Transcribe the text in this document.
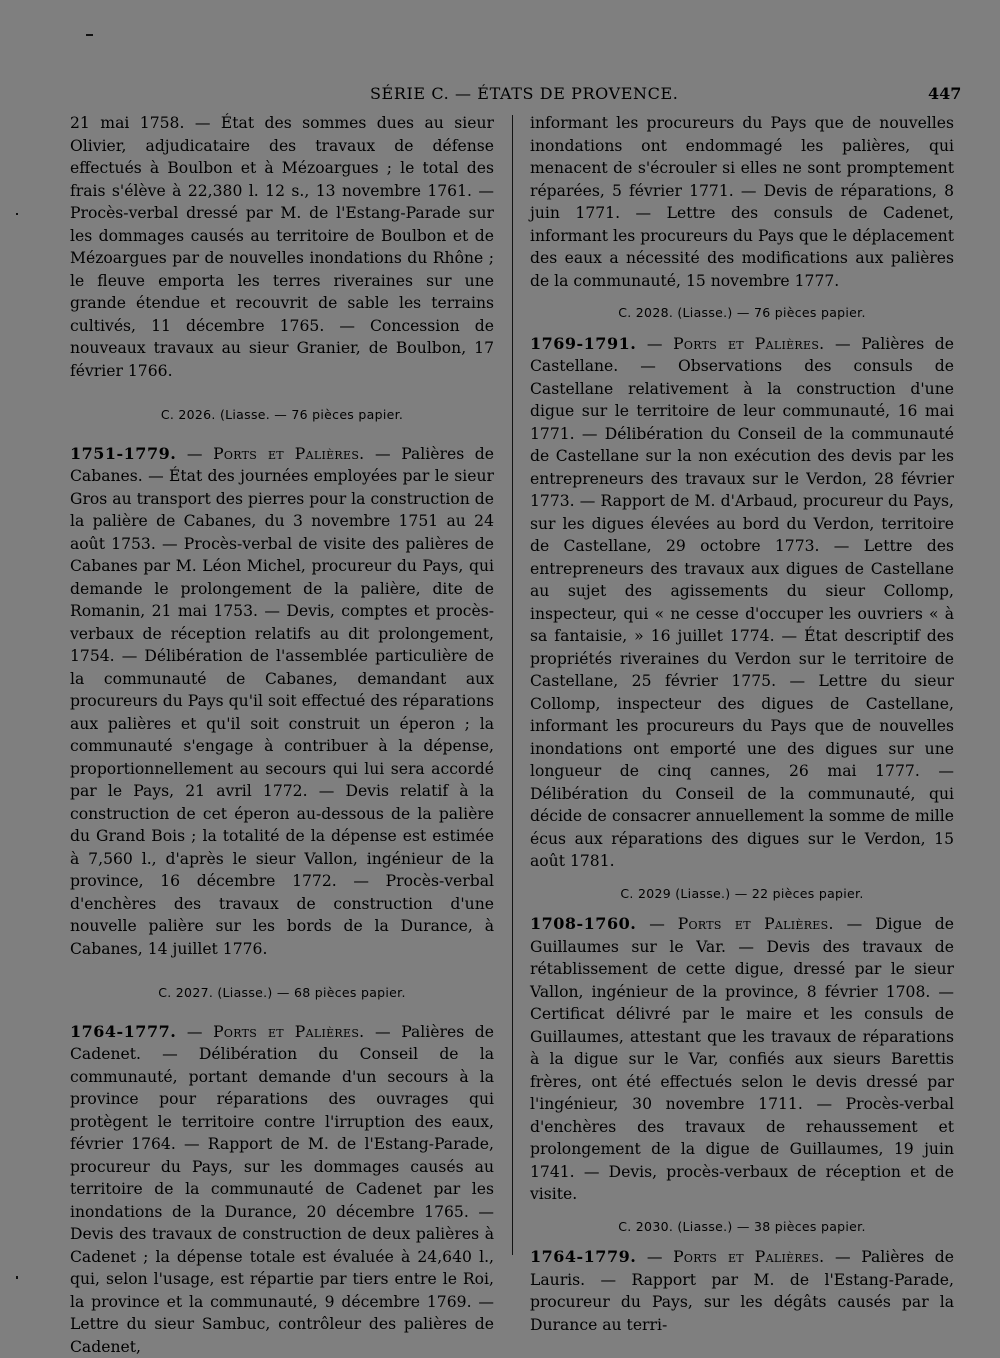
SÉRIE C. — ÉTATS DE PROVENCE.	447

21 mai 1758. — État des sommes dues au sieur Olivier, adjudicataire des travaux de défense effectués à Boulbon et à Mézoargues ; le total des frais s'élève à 22,380 l. 12 s., 13 novembre 1761. — Procès-verbal dressé par M. de l'Estang-Parade sur les dommages causés au territoire de Boulbon et de Mézoargues par de nouvelles inondations du Rhône ; le fleuve emporta les terres riveraines sur une grande étendue et recouvrit de sable les terrains cultivés, 11 décembre 1765. — Concession de nouveaux travaux au sieur Granier, de Boulbon, 17 février 1766.

C. 2026. (Liasse. — 76 pièces papier.

1751-1779. — Ports et Palières. — Palières de Cabanes. — État des journées employées par le sieur Gros au transport des pierres pour la construction de la palière de Cabanes, du 3 novembre 1751 au 24 août 1753. — Procès-verbal de visite des palières de Cabanes par M. Léon Michel, procureur du Pays, qui demande le prolongement de la palière, dite de Romanin, 21 mai 1753. — Devis, comptes et procès-verbaux de réception relatifs au dit prolongement, 1754. — Délibération de l'assemblée particulière de la communauté de Cabanes, demandant aux procureurs du Pays qu'il soit effectué des réparations aux palières et qu'il soit construit un éperon ; la communauté s'engage à contribuer à la dépense, proportionnellement au secours qui lui sera accordé par le Pays, 21 avril 1772. — Devis relatif à la construction de cet éperon au-dessous de la palière du Grand Bois ; la totalité de la dépense est estimée à 7,560 l., d'après le sieur Vallon, ingénieur de la province, 16 décembre 1772. — Procès-verbal d'enchères des travaux de construction d'une nouvelle palière sur les bords de la Durance, à Cabanes, 14 juillet 1776.

C. 2027. (Liasse.) — 68 pièces papier.

1764-1777. — Ports et Palières. — Palières de Cadenet. — Délibération du Conseil de la communauté, portant demande d'un secours à la province pour réparations des ouvrages qui protègent le territoire contre l'irruption des eaux, février 1764. — Rapport de M. de l'Estang-Parade, procureur du Pays, sur les dommages causés au territoire de la communauté de Cadenet par les inondations de la Durance, 20 décembre 1765. — Devis des travaux de construction de deux palières à Cadenet ; la dépense totale est évaluée à 24,640 l., qui, selon l'usage, est répartie par tiers entre le Roi, la province et la communauté, 9 décembre 1769. — Lettre du sieur Sambuc, contrôleur des palières de Cadenet,

informant les procureurs du Pays que de nouvelles inondations ont endommagé les palières, qui menacent de s'écrouler si elles ne sont promptement réparées, 5 février 1771. — Devis de réparations, 8 juin 1771. — Lettre des consuls de Cadenet, informant les procureurs du Pays que le déplacement des eaux a nécessité des modifications aux palières de la communauté, 15 novembre 1777.

C. 2028. (Liasse.) — 76 pièces papier.

1769-1791. — Ports et Palières. — Palières de Castellane. — Observations des consuls de Castellane relativement à la construction d'une digue sur le territoire de leur communauté, 16 mai 1771. — Délibération du Conseil de la communauté de Castellane sur la non exécution des devis par les entrepreneurs des travaux sur le Verdon, 28 février 1773. — Rapport de M. d'Arbaud, procureur du Pays, sur les digues élevées au bord du Verdon, territoire de Castellane, 29 octobre 1773. — Lettre des entrepreneurs des travaux aux digues de Castellane au sujet des agissements du sieur Collomp, inspecteur, qui « ne cesse d'occuper les ouvriers « à sa fantaisie, » 16 juillet 1774. — État descriptif des propriétés riveraines du Verdon sur le territoire de Castellane, 25 février 1775. — Lettre du sieur Collomp, inspecteur des digues de Castellane, informant les procureurs du Pays que de nouvelles inondations ont emporté une des digues sur une longueur de cinq cannes, 26 mai 1777. — Délibération du Conseil de la communauté, qui décide de consacrer annuellement la somme de mille écus aux réparations des digues sur le Verdon, 15 août 1781.

C. 2029 (Liasse.) — 22 pièces papier.

1708-1760. — Ports et Palières. — Digue de Guillaumes sur le Var. — Devis des travaux de rétablissement de cette digue, dressé par le sieur Vallon, ingénieur de la province, 8 février 1708. — Certificat délivré par le maire et les consuls de Guillaumes, attestant que les travaux de réparations à la digue sur le Var, confiés aux sieurs Barettis frères, ont été effectués selon le devis dressé par l'ingénieur, 30 novembre 1711. — Procès-verbal d'enchères des travaux de rehaussement et prolongement de la digue de Guillaumes, 19 juin 1741. — Devis, procès-verbaux de réception et de visite.

C. 2030. (Liasse.) — 38 pièces papier.

1764-1779. — Ports et Palières. — Palières de Lauris. — Rapport par M. de l'Estang-Parade, procureur du Pays, sur les dégâts causés par la Durance au terri-
